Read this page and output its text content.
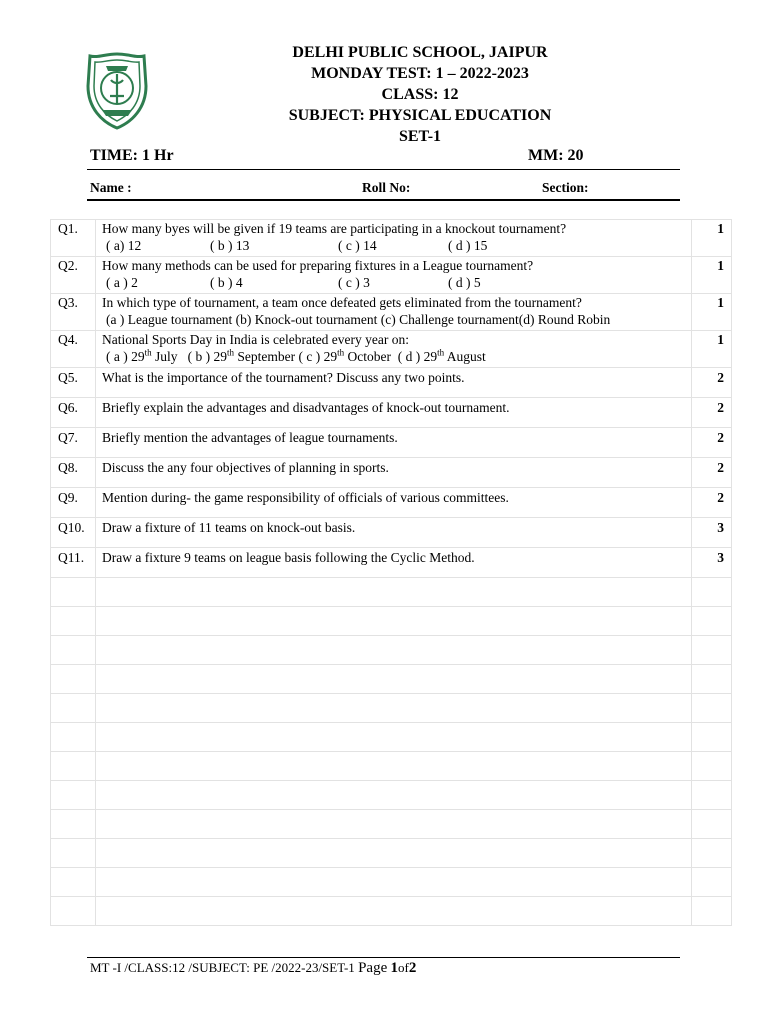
DELHI PUBLIC SCHOOL, JAIPUR
MONDAY TEST: 1 – 2022-2023
CLASS: 12
SUBJECT: PHYSICAL EDUCATION
SET-1
TIME: 1 Hr	MM: 20
Name :	Roll No:	Section:
Q1.	How many byes will be given if 19 teams are participating in a knockout tournament?
( a) 12 ( b ) 13 ( c ) 14 ( d ) 15	1
Q2.	How many methods can be used for preparing fixtures in a League tournament?
( a ) 2 ( b ) 4 ( c ) 3 ( d ) 5	1
Q3.	In which type of tournament, a team once defeated gets eliminated from the tournament?
(a ) League tournament (b) Knock-out tournament (c) Challenge tournament(d) Round Robin	1
Q4.	National Sports Day in India is celebrated every year on:
( a ) 29th July ( b ) 29th September ( c ) 29th October ( d ) 29th August	1
Q5.	What is the importance of the tournament? Discuss any two points.	2
Q6.	Briefly explain the advantages and disadvantages of knock-out tournament.	2
Q7.	Briefly mention the advantages of league tournaments.	2
Q8.	Discuss the any four objectives of planning in sports.	2
Q9.	Mention during- the game responsibility of officials of various committees.	2
Q10.	Draw a fixture of 11 teams on knock-out basis.	3
Q11.	Draw a fixture 9 teams on league basis following the Cyclic Method.	3

MT -I /CLASS:12 /SUBJECT: PE /2022-23/SET-1 Page 1of2
